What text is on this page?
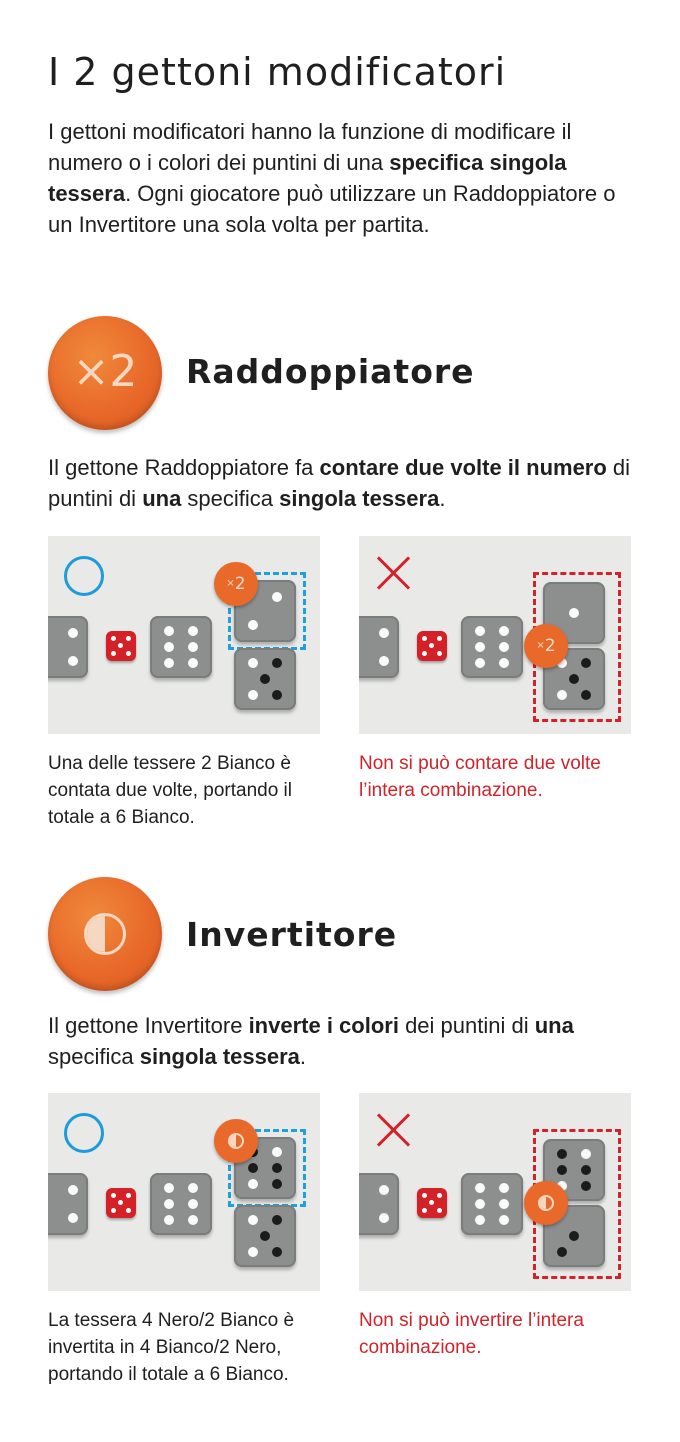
I 2 gettoni modificatori
I gettoni modificatori hanno la funzione di modificare il numero o i colori dei puntini di una specifica singola tessera. Ogni giocatore può utilizzare un Raddoppiatore o un Invertitore una sola volta per partita.
×2	Raddoppiatore
Il gettone Raddoppiatore fa contare due volte il numero di puntini di una specifica singola tessera.
×2
×2
Una delle tessere 2 Bianco è contata due volte, portando il totale a 6 Bianco.
Non si può contare due volte l’intera combinazione.
Invertitore
Il gettone Invertitore inverte i colori dei puntini di una specifica singola tessera.
La tessera 4 Nero/2 Bianco è invertita in 4 Bianco/2 Nero, portando il totale a 6 Bianco.
Non si può invertire l’intera combinazione.
